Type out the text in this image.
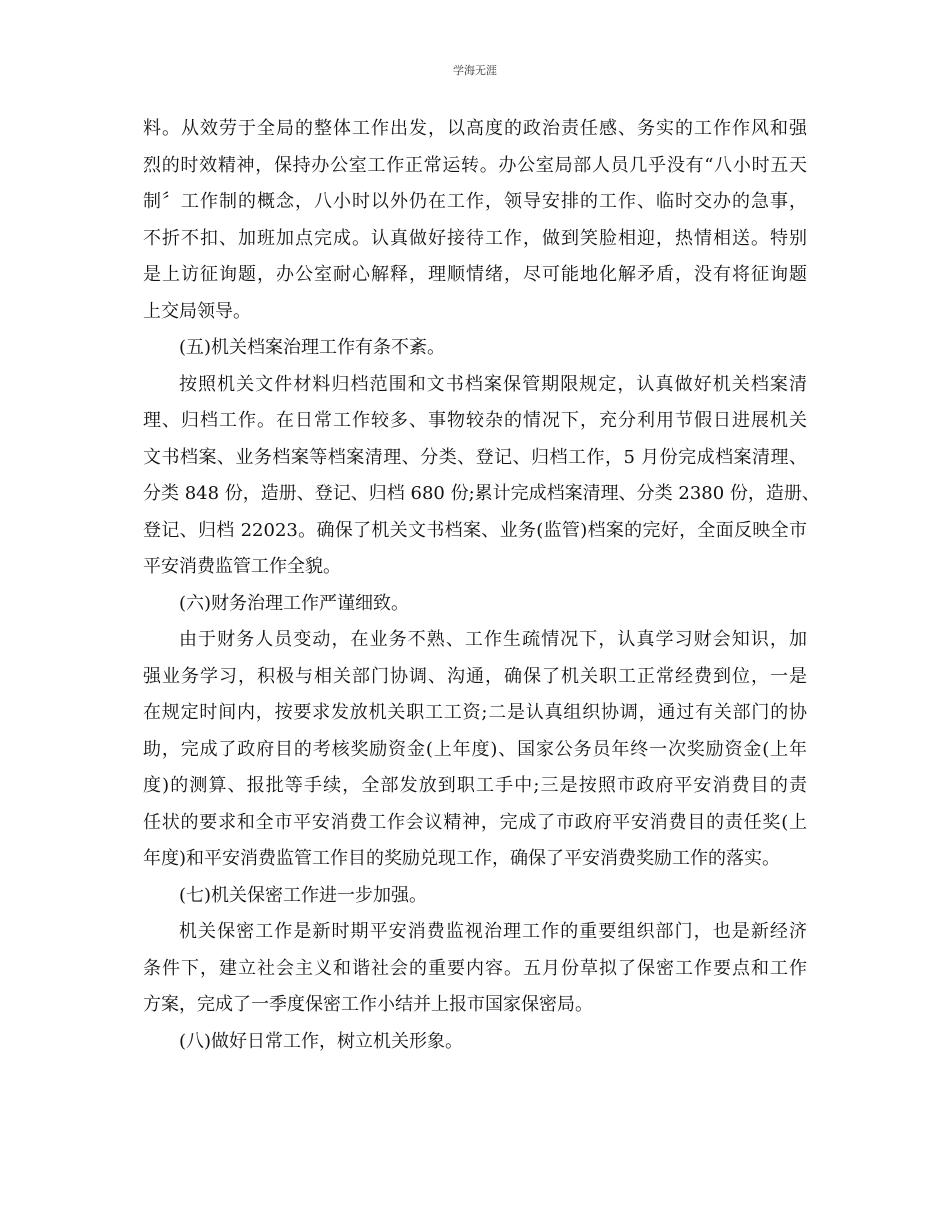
学海无涯
料。从效劳于全局的整体工作出发，以高度的政治责任感、务实的工作作风和强
烈的时效精神，保持办公室工作正常运转。办公室局部人员几乎没有“八小时五天
制〞工作制的概念，八小时以外仍在工作，领导安排的工作、临时交办的急事，
不折不扣、加班加点完成。认真做好接待工作，做到笑脸相迎，热情相送。特别
是上访征询题，办公室耐心解释，理顺情绪，尽可能地化解矛盾，没有将征询题
上交局领导。
(五)机关档案治理工作有条不紊。
按照机关文件材料归档范围和文书档案保管期限规定，认真做好机关档案清
理、归档工作。在日常工作较多、事物较杂的情况下，充分利用节假日进展机关
文书档案、业务档案等档案清理、分类、登记、归档工作，5 月份完成档案清理、
分类 848 份，造册、登记、归档 680 份;累计完成档案清理、分类 2380 份，造册、
登记、归档 22023。确保了机关文书档案、业务(监管)档案的完好，全面反映全市
平安消费监管工作全貌。
(六)财务治理工作严谨细致。
由于财务人员变动，在业务不熟、工作生疏情况下，认真学习财会知识，加
强业务学习，积极与相关部门协调、沟通，确保了机关职工正常经费到位，一是
在规定时间内，按要求发放机关职工工资;二是认真组织协调，通过有关部门的协
助，完成了政府目的考核奖励资金(上年度)、国家公务员年终一次奖励资金(上年
度)的测算、报批等手续，全部发放到职工手中;三是按照市政府平安消费目的责
任状的要求和全市平安消费工作会议精神，完成了市政府平安消费目的责任奖(上
年度)和平安消费监管工作目的奖励兑现工作，确保了平安消费奖励工作的落实。
(七)机关保密工作进一步加强。
机关保密工作是新时期平安消费监视治理工作的重要组织部门，也是新经济
条件下，建立社会主义和谐社会的重要内容。五月份草拟了保密工作要点和工作
方案，完成了一季度保密工作小结并上报市国家保密局。
(八)做好日常工作，树立机关形象。
